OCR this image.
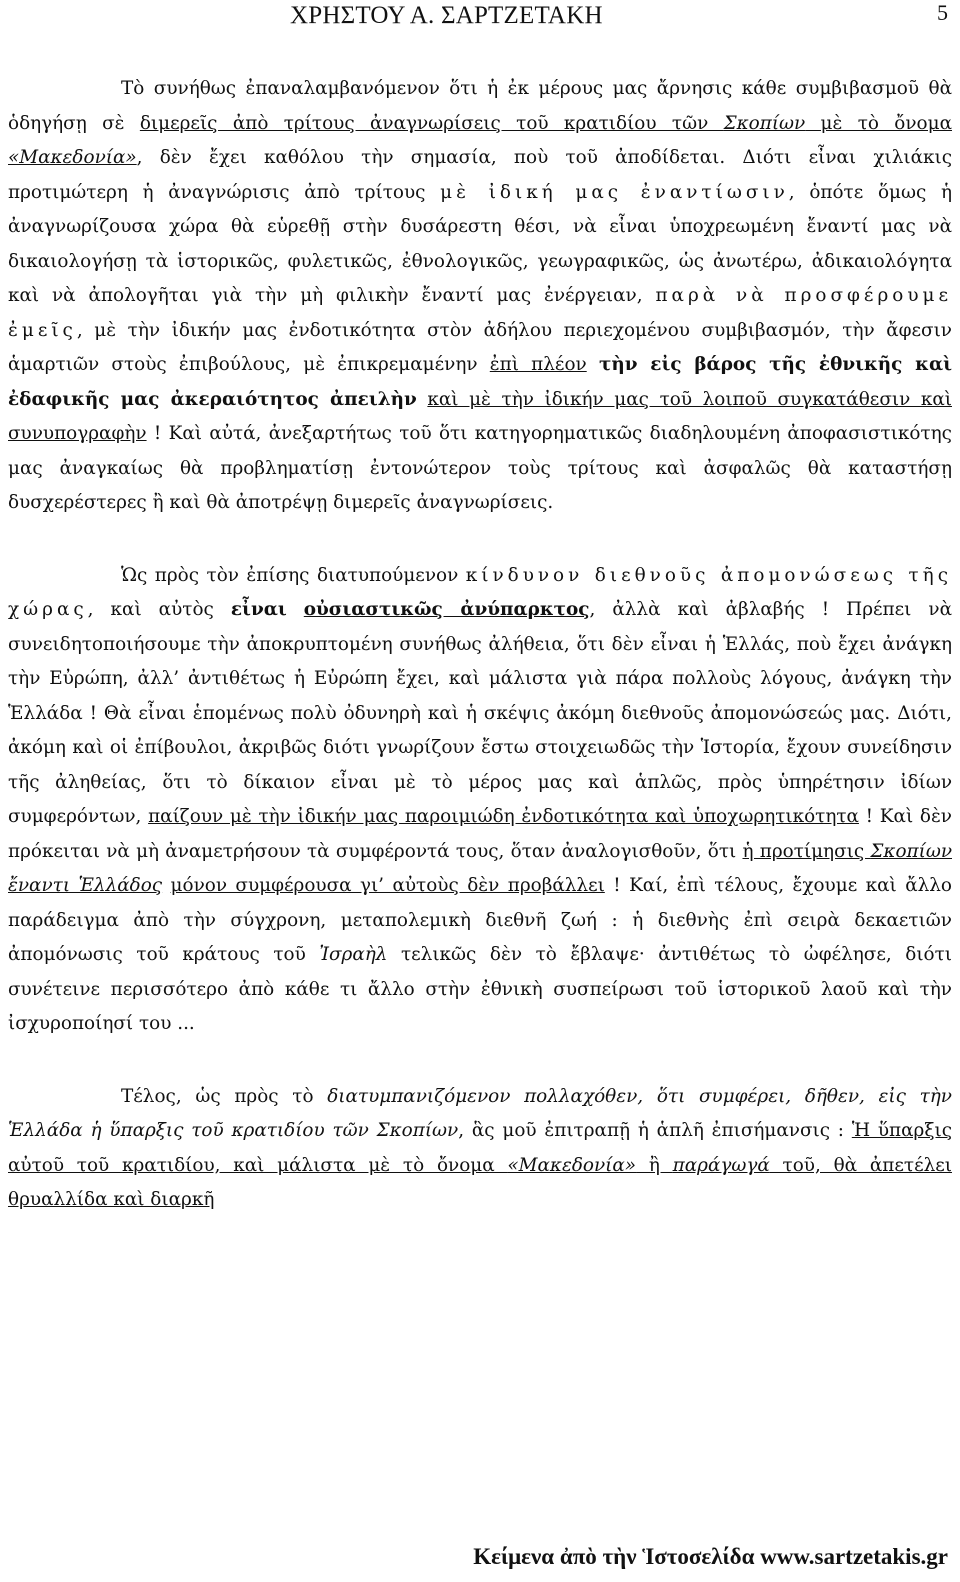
ΧΡΗΣΤΟΥ Α. ΣΑΡΤΖΕΤΑΚΗ	5

Τὸ συνήθως ἐπαναλαμβανόμενον ὅτι ἡ ἐκ μέρους μας ἄρνησις κάθε συμβιβασμοῦ θὰ ὁδηγήσῃ σὲ διμερεῖς ἀπὸ τρίτους ἀναγνωρίσεις τοῦ κρατιδίου τῶν Σκοπίων μὲ τὸ ὄνομα «Μακεδονία», δὲν ἔχει καθόλου τὴν σημασία, ποὺ τοῦ ἀποδίδεται. Διότι εἶναι χιλιάκις προτιμώτερη ἡ ἀναγνώρισις ἀπὸ τρίτους μὲ ἰδική μας ἐναντίωσιν, ὁπότε ὅμως ἡ ἀναγνωρίζουσα χώρα θὰ εὑρεθῇ στὴν δυσάρεστη θέσι, νὰ εἶναι ὑποχρεωμένη ἔναντί μας νὰ δικαιολογήσῃ τὰ ἱστορικῶς, φυλετικῶς, ἐθνολογικῶς, γεωγραφικῶς, ὡς ἀνωτέρω, ἀδικαιολόγητα καὶ νὰ ἀπολογῆται γιὰ τὴν μὴ φιλικὴν ἔναντί μας ἐνέργειαν, παρὰ νὰ προσφέρουμε ἐμεῖς, μὲ τὴν ἰδικήν μας ἐνδοτικότητα στὸν ἀδήλου περιεχομένου συμβιβασμόν, τὴν ἄφεσιν ἁμαρτιῶν στοὺς ἐπιβούλους, μὲ ἐπικρεμαμένην ἐπὶ πλέον τὴν εἰς βάρος τῆς ἐθνικῆς καὶ ἐδαφικῆς μας ἀκεραιότητος ἀπειλὴν καὶ μὲ τὴν ἰδικήν μας τοῦ λοιποῦ συγκατάθεσιν καὶ συνυπογραφὴν ! Καὶ αὐτά, ἀνεξαρτήτως τοῦ ὅτι κατηγορηματικῶς διαδηλουμένη ἀποφασιστικότης μας ἀναγκαίως θὰ προβληματίσῃ ἐντονώτερον τοὺς τρίτους καὶ ἀσφαλῶς θὰ καταστήσῃ δυσχερέστερες ἢ καὶ θὰ ἀποτρέψῃ διμερεῖς ἀναγνωρίσεις.

Ὡς πρὸς τὸν ἐπίσης διατυπούμενον κίνδυνον διεθνοῦς ἀπομονώσεως τῆς χώρας, καὶ αὐτὸς εἶναι οὐσιαστικῶς ἀνύπαρκτος, ἀλλὰ καὶ ἀβλαβής ! Πρέπει νὰ συνειδητοποιήσουμε τὴν ἀποκρυπτομένη συνήθως ἀλήθεια, ὅτι δὲν εἶναι ἡ Ἑλλάς, ποὺ ἔχει ἀνάγκη τὴν Εὐρώπη, ἀλλ’ ἀντιθέτως ἡ Εὐρώπη ἔχει, καὶ μάλιστα γιὰ πάρα πολλοὺς λόγους, ἀνάγκη τὴν Ἑλλάδα ! Θὰ εἶναι ἑπομένως πολὺ ὀδυνηρὴ καὶ ἡ σκέψις ἀκόμη διεθνοῦς ἀπομονώσεώς μας. Διότι, ἀκόμη καὶ οἱ ἐπίβουλοι, ἀκριβῶς διότι γνωρίζουν ἔστω στοιχειωδῶς τὴν Ἱστορία, ἔχουν συνείδησιν τῆς ἀληθείας, ὅτι τὸ δίκαιον εἶναι μὲ τὸ μέρος μας καὶ ἁπλῶς, πρὸς ὑπηρέτησιν ἰδίων συμφερόντων, παίζουν μὲ τὴν ἰδικήν μας παροιμιώδη ἐνδοτικότητα καὶ ὑποχωρητικότητα ! Καὶ δὲν πρόκειται νὰ μὴ ἀναμετρήσουν τὰ συμφέροντά τους, ὅταν ἀναλογισθοῦν, ὅτι ἡ προτίμησις Σκοπίων ἔναντι Ἑλλάδος μόνον συμφέρουσα γι’ αὐτοὺς δὲν προβάλλει ! Καί, ἐπὶ τέλους, ἔχουμε καὶ ἄλλο παράδειγμα ἀπὸ τὴν σύγχρονη, μεταπολεμικὴ διεθνῆ ζωή : ἡ διεθνὴς ἐπὶ σειρὰ δεκαετιῶν ἀπομόνωσις τοῦ κράτους τοῦ Ἰσραὴλ τελικῶς δὲν τὸ ἔβλαψε· ἀντιθέτως τὸ ὠφέλησε, διότι συνέτεινε περισσότερο ἀπὸ κάθε τι ἄλλο στὴν ἐθνικὴ συσπείρωσι τοῦ ἱστορικοῦ λαοῦ καὶ τὴν ἰσχυροποίησί του ...

Τέλος, ὡς πρὸς τὸ διατυμπανιζόμενον πολλαχόθεν, ὅτι συμφέρει, δῆθεν, εἰς τὴν Ἑλλάδα ἡ ὕπαρξις τοῦ κρατιδίου τῶν Σκοπίων, ἃς μοῦ ἐπιτραπῇ ἡ ἁπλῆ ἐπισήμανσις : Ἡ ὕπαρξις αὐτοῦ τοῦ κρατιδίου, καὶ μάλιστα μὲ τὸ ὄνομα «Μακεδονία» ἢ παράγωγά τοῦ, θὰ ἀπετέλει θρυαλλίδα καὶ διαρκῆ

Κείμενα ἀπὸ τὴν Ἱστοσελίδα www.sartzetakis.gr
